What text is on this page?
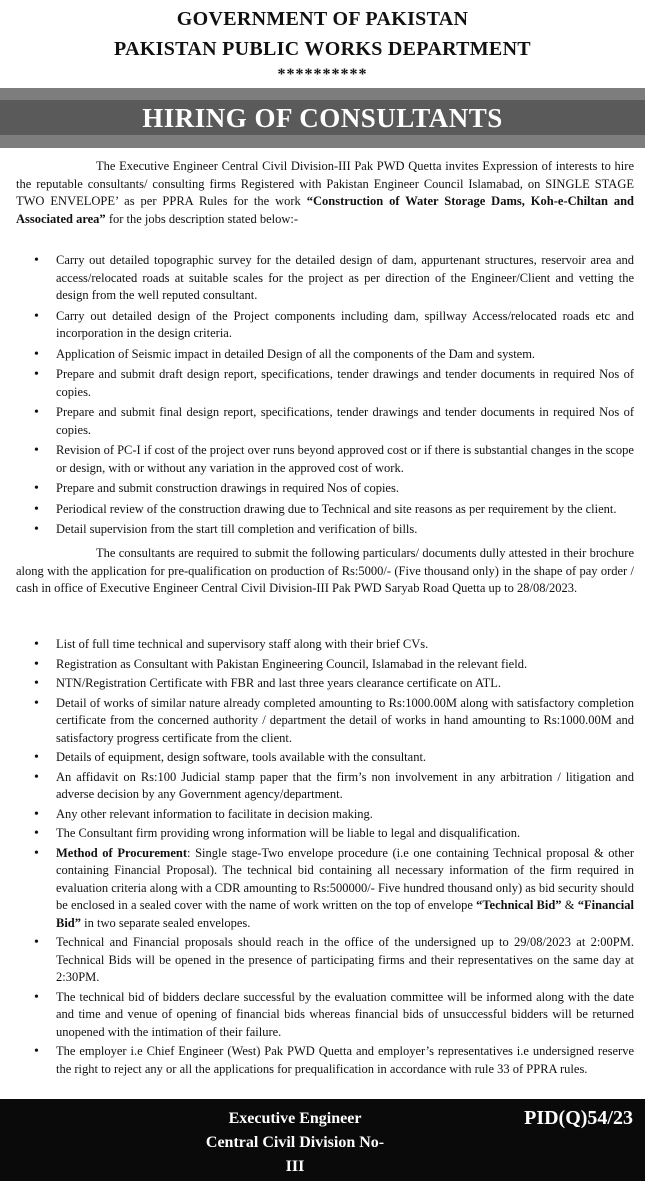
GOVERNMENT OF PAKISTAN
PAKISTAN PUBLIC WORKS DEPARTMENT
**********
HIRING OF CONSULTANTS

The Executive Engineer Central Civil Division-III Pak PWD Quetta invites Expression of interests to hire the reputable consultants/ consulting firms Registered with Pakistan Engineer Council Islamabad, on SINGLE STAGE TWO ENVELOPE’ as per PPRA Rules for the work “Construction of Water Storage Dams, Koh-e-Chiltan and Associated area” for the jobs description stated below:-

• Carry out detailed topographic survey for the detailed design of dam, appurtenant structures, reservoir area and access/relocated roads at suitable scales for the project as per direction of the Engineer/Client and vetting the design from the well reputed consultant.
• Carry out detailed design of the Project components including dam, spillway Access/relocated roads etc and incorporation in the design criteria.
• Application of Seismic impact in detailed Design of all the components of the Dam and system.
• Prepare and submit draft design report, specifications, tender drawings and tender documents in required Nos of copies.
• Prepare and submit final design report, specifications, tender drawings and tender documents in required Nos of copies.
• Revision of PC-I if cost of the project over runs beyond approved cost or if there is substantial changes in the scope or design, with or without any variation in the approved cost of work.
• Prepare and submit construction drawings in required Nos of copies.
• Periodical review of the construction drawing due to Technical and site reasons as per requirement by the client.
• Detail supervision from the start till completion and verification of bills.

The consultants are required to submit the following particulars/ documents dully attested in their brochure along with the application for pre-qualification on production of Rs:5000/- (Five thousand only) in the shape of pay order / cash in office of Executive Engineer Central Civil Division-III Pak PWD Saryab Road Quetta up to 28/08/2023.

• List of full time technical and supervisory staff along with their brief CVs.
• Registration as Consultant with Pakistan Engineering Council, Islamabad in the relevant field.
• NTN/Registration Certificate with FBR and last three years clearance certificate on ATL.
• Detail of works of similar nature already completed amounting to Rs:1000.00M along with satisfactory completion certificate from the concerned authority / department the detail of works in hand amounting to Rs:1000.00M and satisfactory progress certificate from the client.
• Details of equipment, design software, tools available with the consultant.
• An affidavit on Rs:100 Judicial stamp paper that the firm’s non involvement in any arbitration / litigation and adverse decision by any Government agency/department.
• Any other relevant information to facilitate in decision making.
• The Consultant firm providing wrong information will be liable to legal and disqualification.
• Method of Procurement: Single stage-Two envelope procedure (i.e one containing Technical proposal & other containing Financial Proposal). The technical bid containing all necessary information of the firm required in evaluation criteria along with a CDR amounting to Rs:500000/- Five hundred thousand only) as bid security should be enclosed in a sealed cover with the name of work written on the top of envelope “Technical Bid” & “Financial Bid” in two separate sealed envelopes.
• Technical and Financial proposals should reach in the office of the undersigned up to 29/08/2023 at 2:00PM. Technical Bids will be opened in the presence of participating firms and their representatives on the same day at 2:30PM.
• The technical bid of bidders declare successful by the evaluation committee will be informed along with the date and time and venue of opening of financial bids whereas financial bids of unsuccessful bidders will be returned unopened with the intimation of their failure.
• The employer i.e Chief Engineer (West) Pak PWD Quetta and employer’s representatives i.e undersigned reserve the right to reject any or all the applications for prequalification in accordance with rule 33 of PPRA rules.
Executive Engineer
Central Civil Division No-III
PAK PWD, Quetta
PID(Q)54/23
